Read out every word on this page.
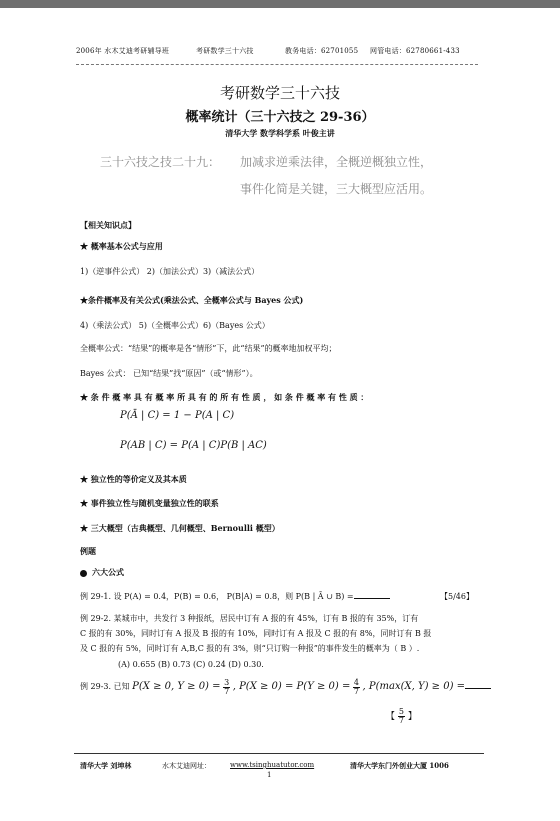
2006年 水木艾迪考研辅导班	考研数学三十六技	教务电话：62701055 网管电话：62780661-433
考研数学三十六技
概率统计（三十六技之 29-36）
清华大学 数学科学系 叶俊主讲
三十六技之技二十九： 加减求逆乘法律，全概逆概独立性，
事件化简是关键，三大概型应活用。
【相关知识点】
★ 概率基本公式与应用
1)（逆事件公式） 2)（加法公式）3)（减法公式）
★条件概率及有关公式(乘法公式、全概率公式与 Bayes 公式)
4)（乘法公式） 5)（全概率公式）6)（Bayes 公式）
全概率公式：“结果”的概率是各“情形”下，此“结果”的概率地加权平均；
Bayes 公式： 已知“结果”找“原因”（或“情形”）。
★ 条 件 概 率 具 有 概 率 所 具 有 的 所 有 性 质 ， 如 条 件 概 率 有 性 质 ：
P(Ā | C) = 1 − P(A | C)
P(AB | C) = P(A | C)P(B | AC)
★ 独立性的等价定义及其本质
★ 事件独立性与随机变量独立性的联系
★ 三大概型（古典概型、几何概型、Bernoulli 概型）
例题
六大公式
例 29-1. 设 P(A) = 0.4，P(B) = 0.6， P(B|A) = 0.8，则 P(B | Ā ∪ B) =	【5/46】
例 29-2. 某城市中，共发行 3 种报纸，居民中订有 A 报的有 45%，订有 B 报的有 35%，订有
C 报的有 30%，同时订有 A 报及 B 报的有 10%，同时订有 A 报及 C 报的有 8%，同时订有 B 报
及 C 报的有 5%，同时订有 A,B,C 报的有 3%，则“只订购一种报”的事件发生的概率为（ B ）.
(A) 0.655 (B) 0.73 (C) 0.24 (D) 0.30.
例 29-3. 已知 P(X ≥ 0, $Y \ge 0) = \frac{3}{7}$ , $P(X \ge 0) = P(Y \ge 0) = \frac{4}{7}$ , P(max(X, Y) ≥ 0) =
【 $\frac{5}{7}$ 】
清华大学 刘坤林	水木艾迪网址：	www.tsinghuatutor.com
1
清华大学东门外创业大厦 1006
